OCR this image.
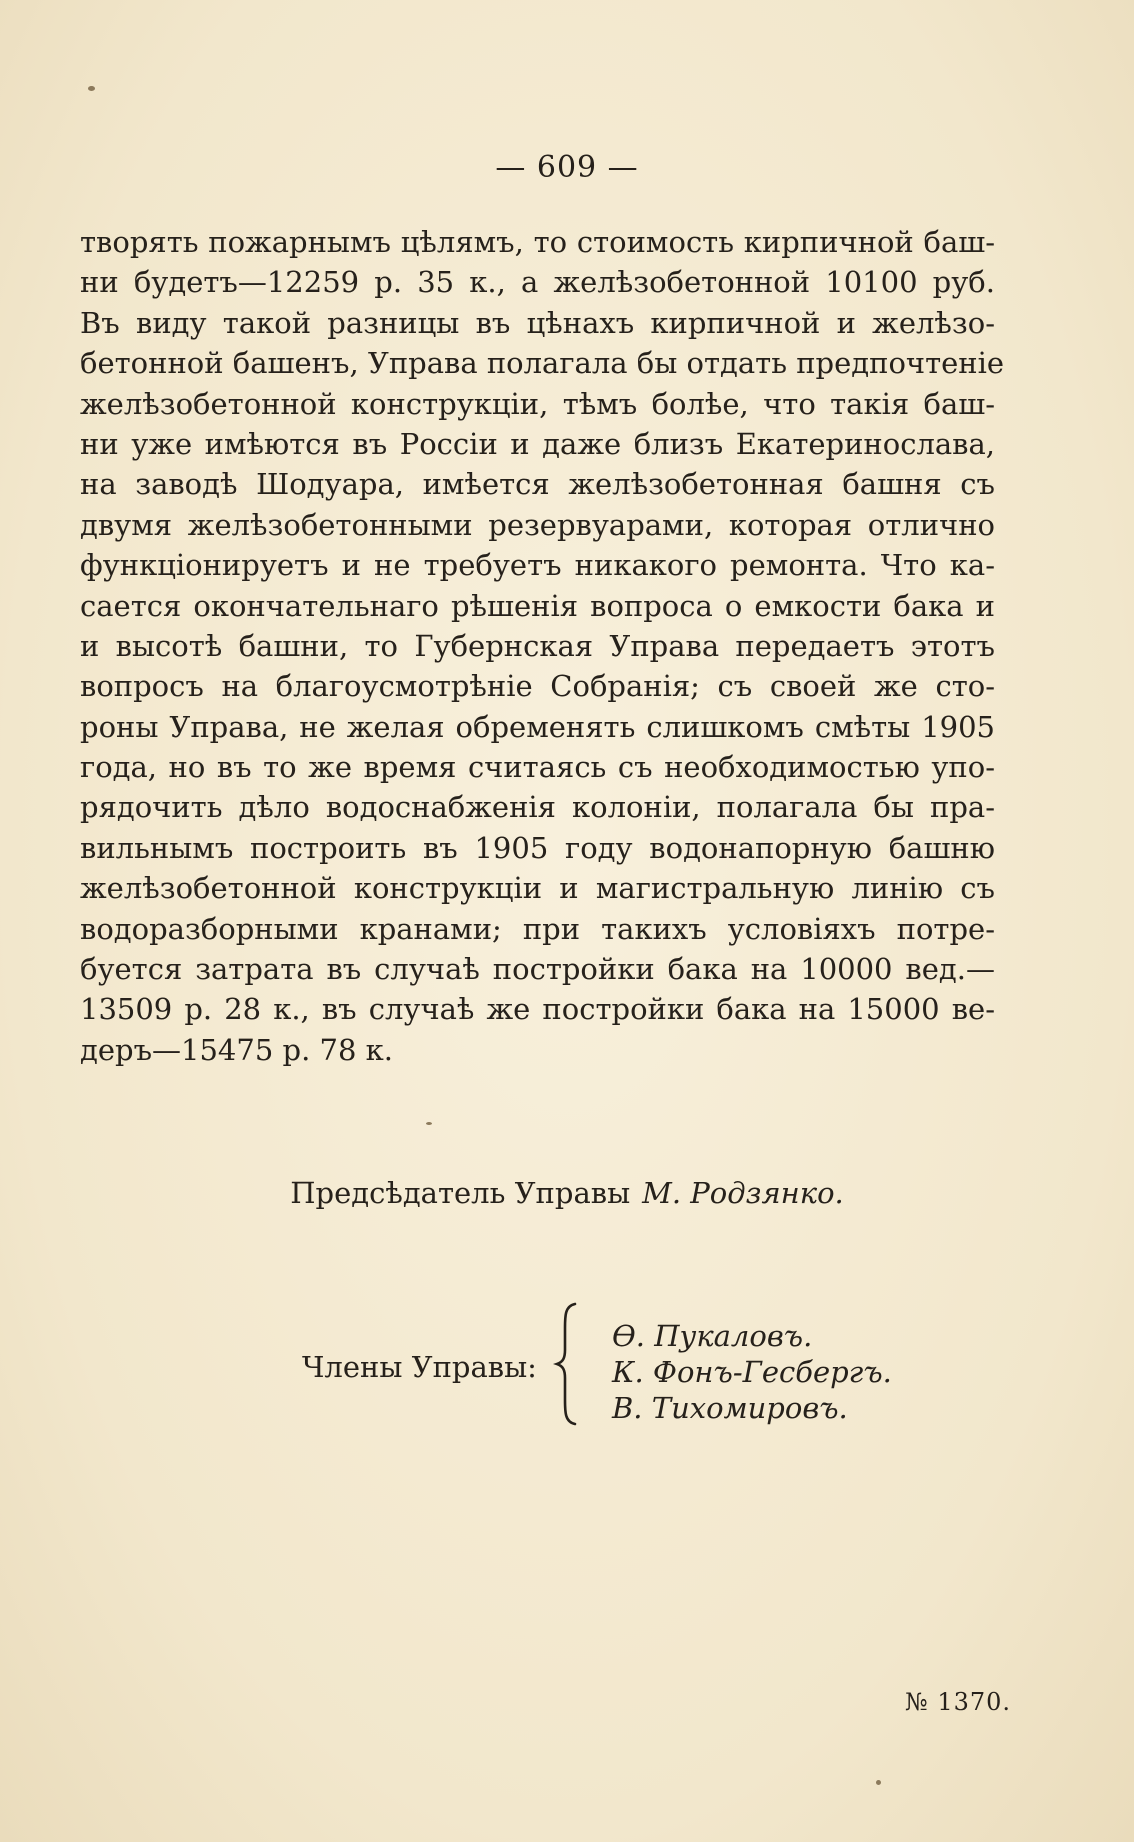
— 609 —
творять пожарнымъ цѣлямъ, то стоимость кирпичной баш-
ни будетъ—12259 р. 35 к., а желѣзобетонной 10100 руб.
Въ виду такой разницы въ цѣнахъ кирпичной и желѣзо-
бетонной башенъ, Управа полагала бы отдать предпочтеніе
желѣзобетонной конструкціи, тѣмъ болѣе, что такія баш-
ни уже имѣются въ Россіи и даже близъ Екатеринослава,
на заводѣ Шодуара, имѣется желѣзобетонная башня съ
двумя желѣзобетонными резервуарами, которая отлично
функціонируетъ и не требуетъ никакого ремонта. Что ка-
сается окончательнаго рѣшенія вопроса о емкости бака и
и высотѣ башни, то Губернская Управа передаетъ этотъ
вопросъ на благоусмотрѣніе Собранія; съ своей же сто-
роны Управа, не желая обременять слишкомъ смѣты 1905
года, но въ то же время считаясь съ необходимостью упо-
рядочить дѣло водоснабженія колоніи, полагала бы пра-
вильнымъ построить въ 1905 году водонапорную башню
желѣзобетонной конструкціи и магистральную линію съ
водоразборными кранами; при такихъ условіяхъ потре-
буется затрата въ случаѣ постройки бака на 10000 вед.—
13509 р. 28 к., въ случаѣ же постройки бака на 15000 ве-
деръ—15475 р. 78 к.
Предсѣдатель Управы М. Родзянко.
Члены Управы:
Ѳ. Пукаловъ.
К. Фонъ-Гесбергъ.
В. Тихомировъ.
№ 1370.
